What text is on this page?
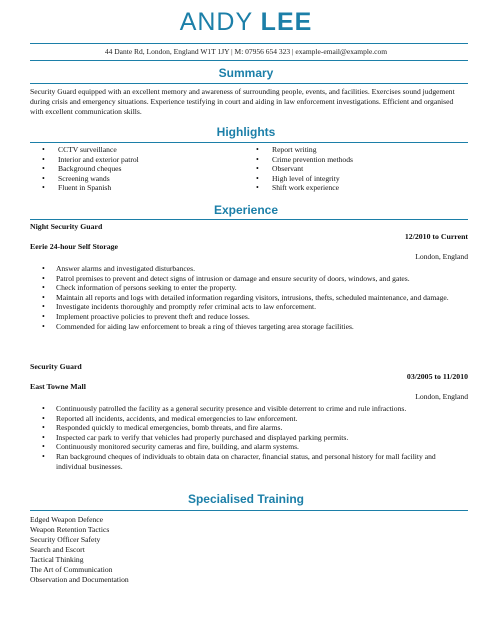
ANDY LEE
44 Dante Rd, London, England W1T 1JY | M: 07956 654 323 | example-email@example.com
Summary
Security Guard equipped with an excellent memory and awareness of surrounding people, events, and facilities. Exercises sound judgement during crisis and emergency situations. Experience testifying in court and aiding in law enforcement investigations. Efficient and organised with excellent communication skills.
Highlights
• CCTV surveillance
• Interior and exterior patrol
• Background cheques
• Screening wands
• Fluent in Spanish
• Report writing
• Crime prevention methods
• Observant
• High level of integrity
• Shift work experience
Experience
Night Security Guard
12/2010 to Current
Eerie 24-hour Self Storage
London, England
• Answer alarms and investigated disturbances.
• Patrol premises to prevent and detect signs of intrusion or damage and ensure security of doors, windows, and gates.
• Check information of persons seeking to enter the property.
• Maintain all reports and logs with detailed information regarding visitors, intrusions, thefts, scheduled maintenance, and damage.
• Investigate incidents thoroughly and promptly refer criminal acts to law enforcement.
• Implement proactive policies to prevent theft and reduce losses.
• Commended for aiding law enforcement to break a ring of thieves targeting area storage facilities.
Security Guard
03/2005 to 11/2010
East Towne Mall
London, England
• Continuously patrolled the facility as a general security presence and visible deterrent to crime and rule infractions.
• Reported all incidents, accidents, and medical emergencies to law enforcement.
• Responded quickly to medical emergencies, bomb threats, and fire alarms.
• Inspected car park to verify that vehicles had properly purchased and displayed parking permits.
• Continuously monitored security cameras and fire, building, and alarm systems.
• Ran background cheques of individuals to obtain data on character, financial status, and personal history for mall facility and individual businesses.
Specialised Training
Edged Weapon Defence
Weapon Retention Tactics
Security Officer Safety
Search and Escort
Tactical Thinking
The Art of Communication
Observation and Documentation
